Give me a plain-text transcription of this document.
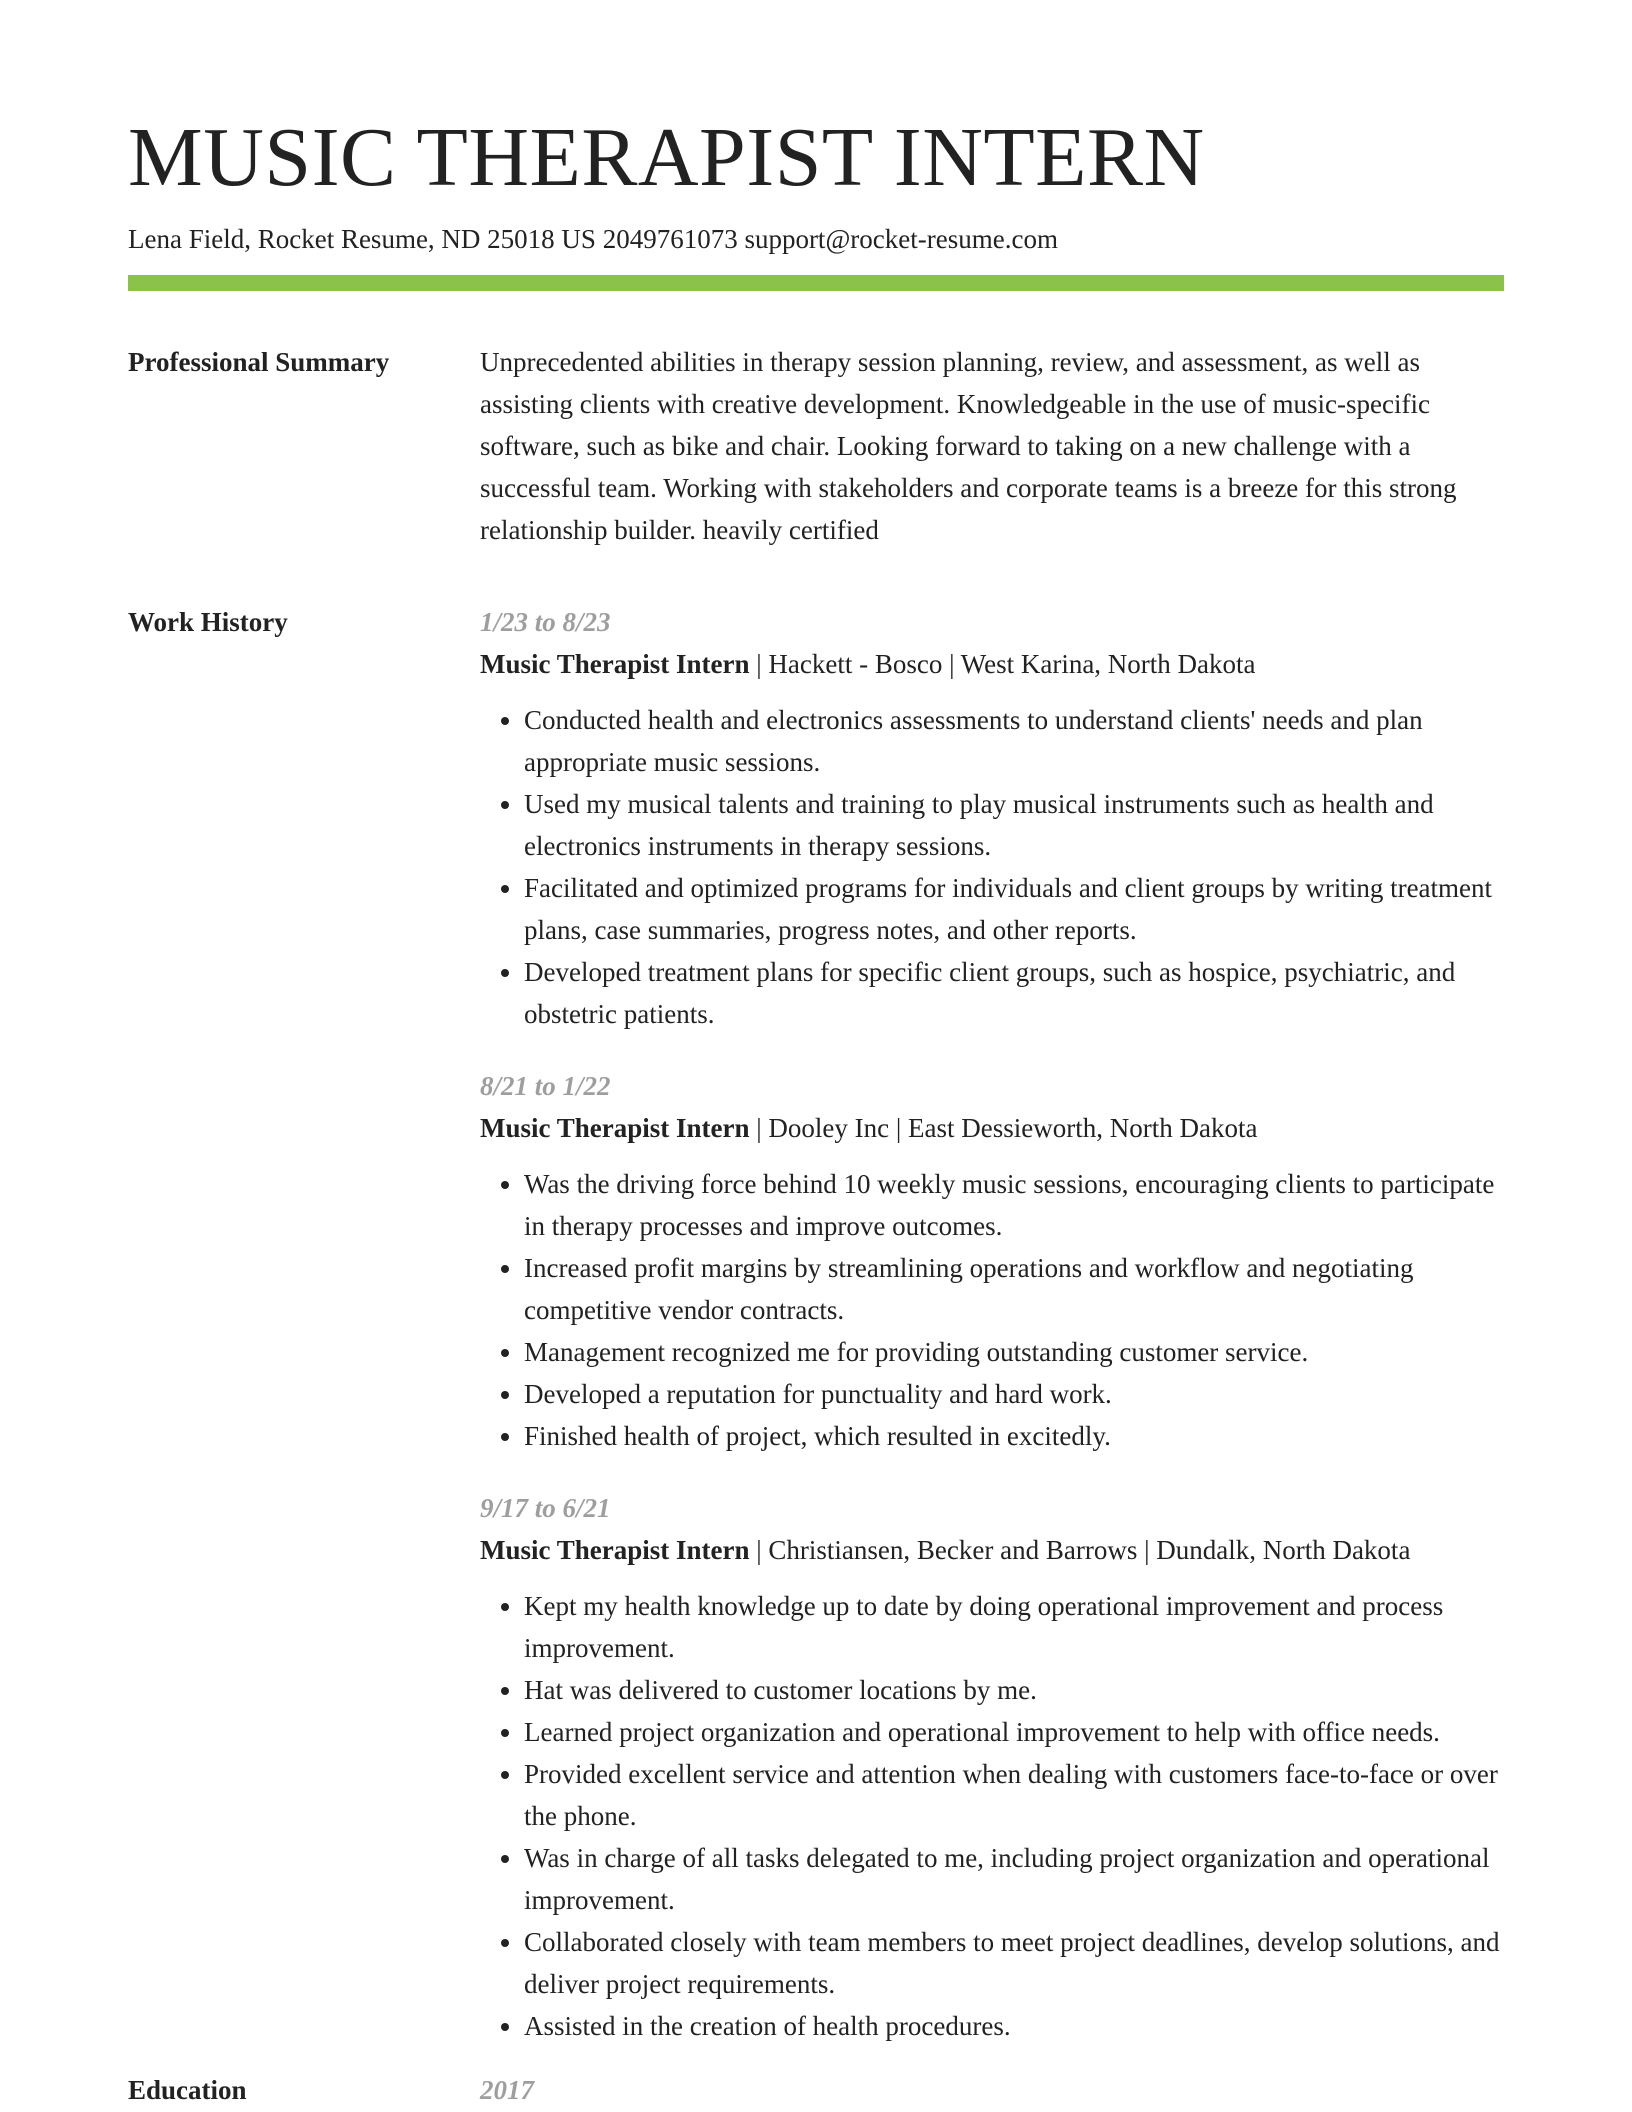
MUSIC THERAPIST INTERN
Lena Field, Rocket Resume, ND 25018 US 2049761073 support@rocket-resume.com
Professional Summary	Unprecedented abilities in therapy session planning, review, and assessment, as well as assisting clients with creative development. Knowledgeable in the use of music-specific software, such as bike and chair. Looking forward to taking on a new challenge with a successful team. Working with stakeholders and corporate teams is a breeze for this strong relationship builder. heavily certified

Work History	1/23 to 8/23
Music Therapist Intern | Hackett - Bosco | West Karina, North Dakota
• Conducted health and electronics assessments to understand clients' needs and plan appropriate music sessions.
• Used my musical talents and training to play musical instruments such as health and electronics instruments in therapy sessions.
• Facilitated and optimized programs for individuals and client groups by writing treatment plans, case summaries, progress notes, and other reports.
• Developed treatment plans for specific client groups, such as hospice, psychiatric, and obstetric patients.
8/21 to 1/22
Music Therapist Intern | Dooley Inc | East Dessieworth, North Dakota
• Was the driving force behind 10 weekly music sessions, encouraging clients to participate in therapy processes and improve outcomes.
• Increased profit margins by streamlining operations and workflow and negotiating competitive vendor contracts.
• Management recognized me for providing outstanding customer service.
• Developed a reputation for punctuality and hard work.
• Finished health of project, which resulted in excitedly.
9/17 to 6/21
Music Therapist Intern | Christiansen, Becker and Barrows | Dundalk, North Dakota
• Kept my health knowledge up to date by doing operational improvement and process improvement.
• Hat was delivered to customer locations by me.
• Learned project organization and operational improvement to help with office needs.
• Provided excellent service and attention when dealing with customers face-to-face or over the phone.
• Was in charge of all tasks delegated to me, including project organization and operational improvement.
• Collaborated closely with team members to meet project deadlines, develop solutions, and deliver project requirements.
• Assisted in the creation of health procedures.
Education	2017
